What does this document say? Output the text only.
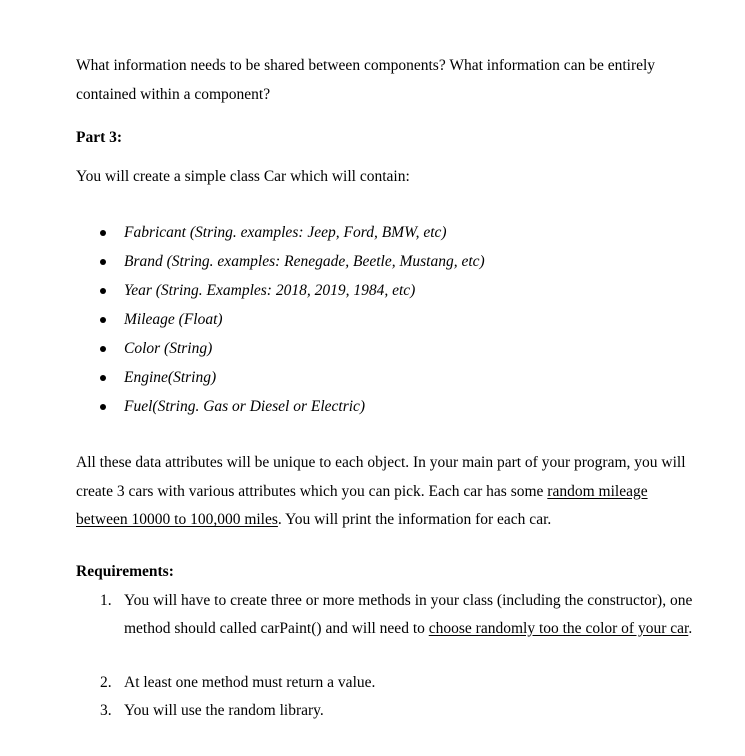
What information needs to be shared between components? What information can be entirely contained within a component?

Part 3:

You will create a simple class Car which will contain:

Fabricant (String. examples: Jeep, Ford, BMW, etc)
Brand (String. examples: Renegade, Beetle, Mustang, etc)
Year (String. Examples: 2018, 2019, 1984, etc)
Mileage (Float)
Color (String)
Engine(String)
Fuel(String. Gas or Diesel or Electric)

All these data attributes will be unique to each object. In your main part of your program, you will create 3 cars with various attributes which you can pick. Each car has some random mileage between 10000 to 100,000 miles. You will print the information for each car.

Requirements:

1. You will have to create three or more methods in your class (including the constructor), one method should called carPaint() and will need to choose randomly too the color of your car.
2. At least one method must return a value.
3. You will use the random library.
